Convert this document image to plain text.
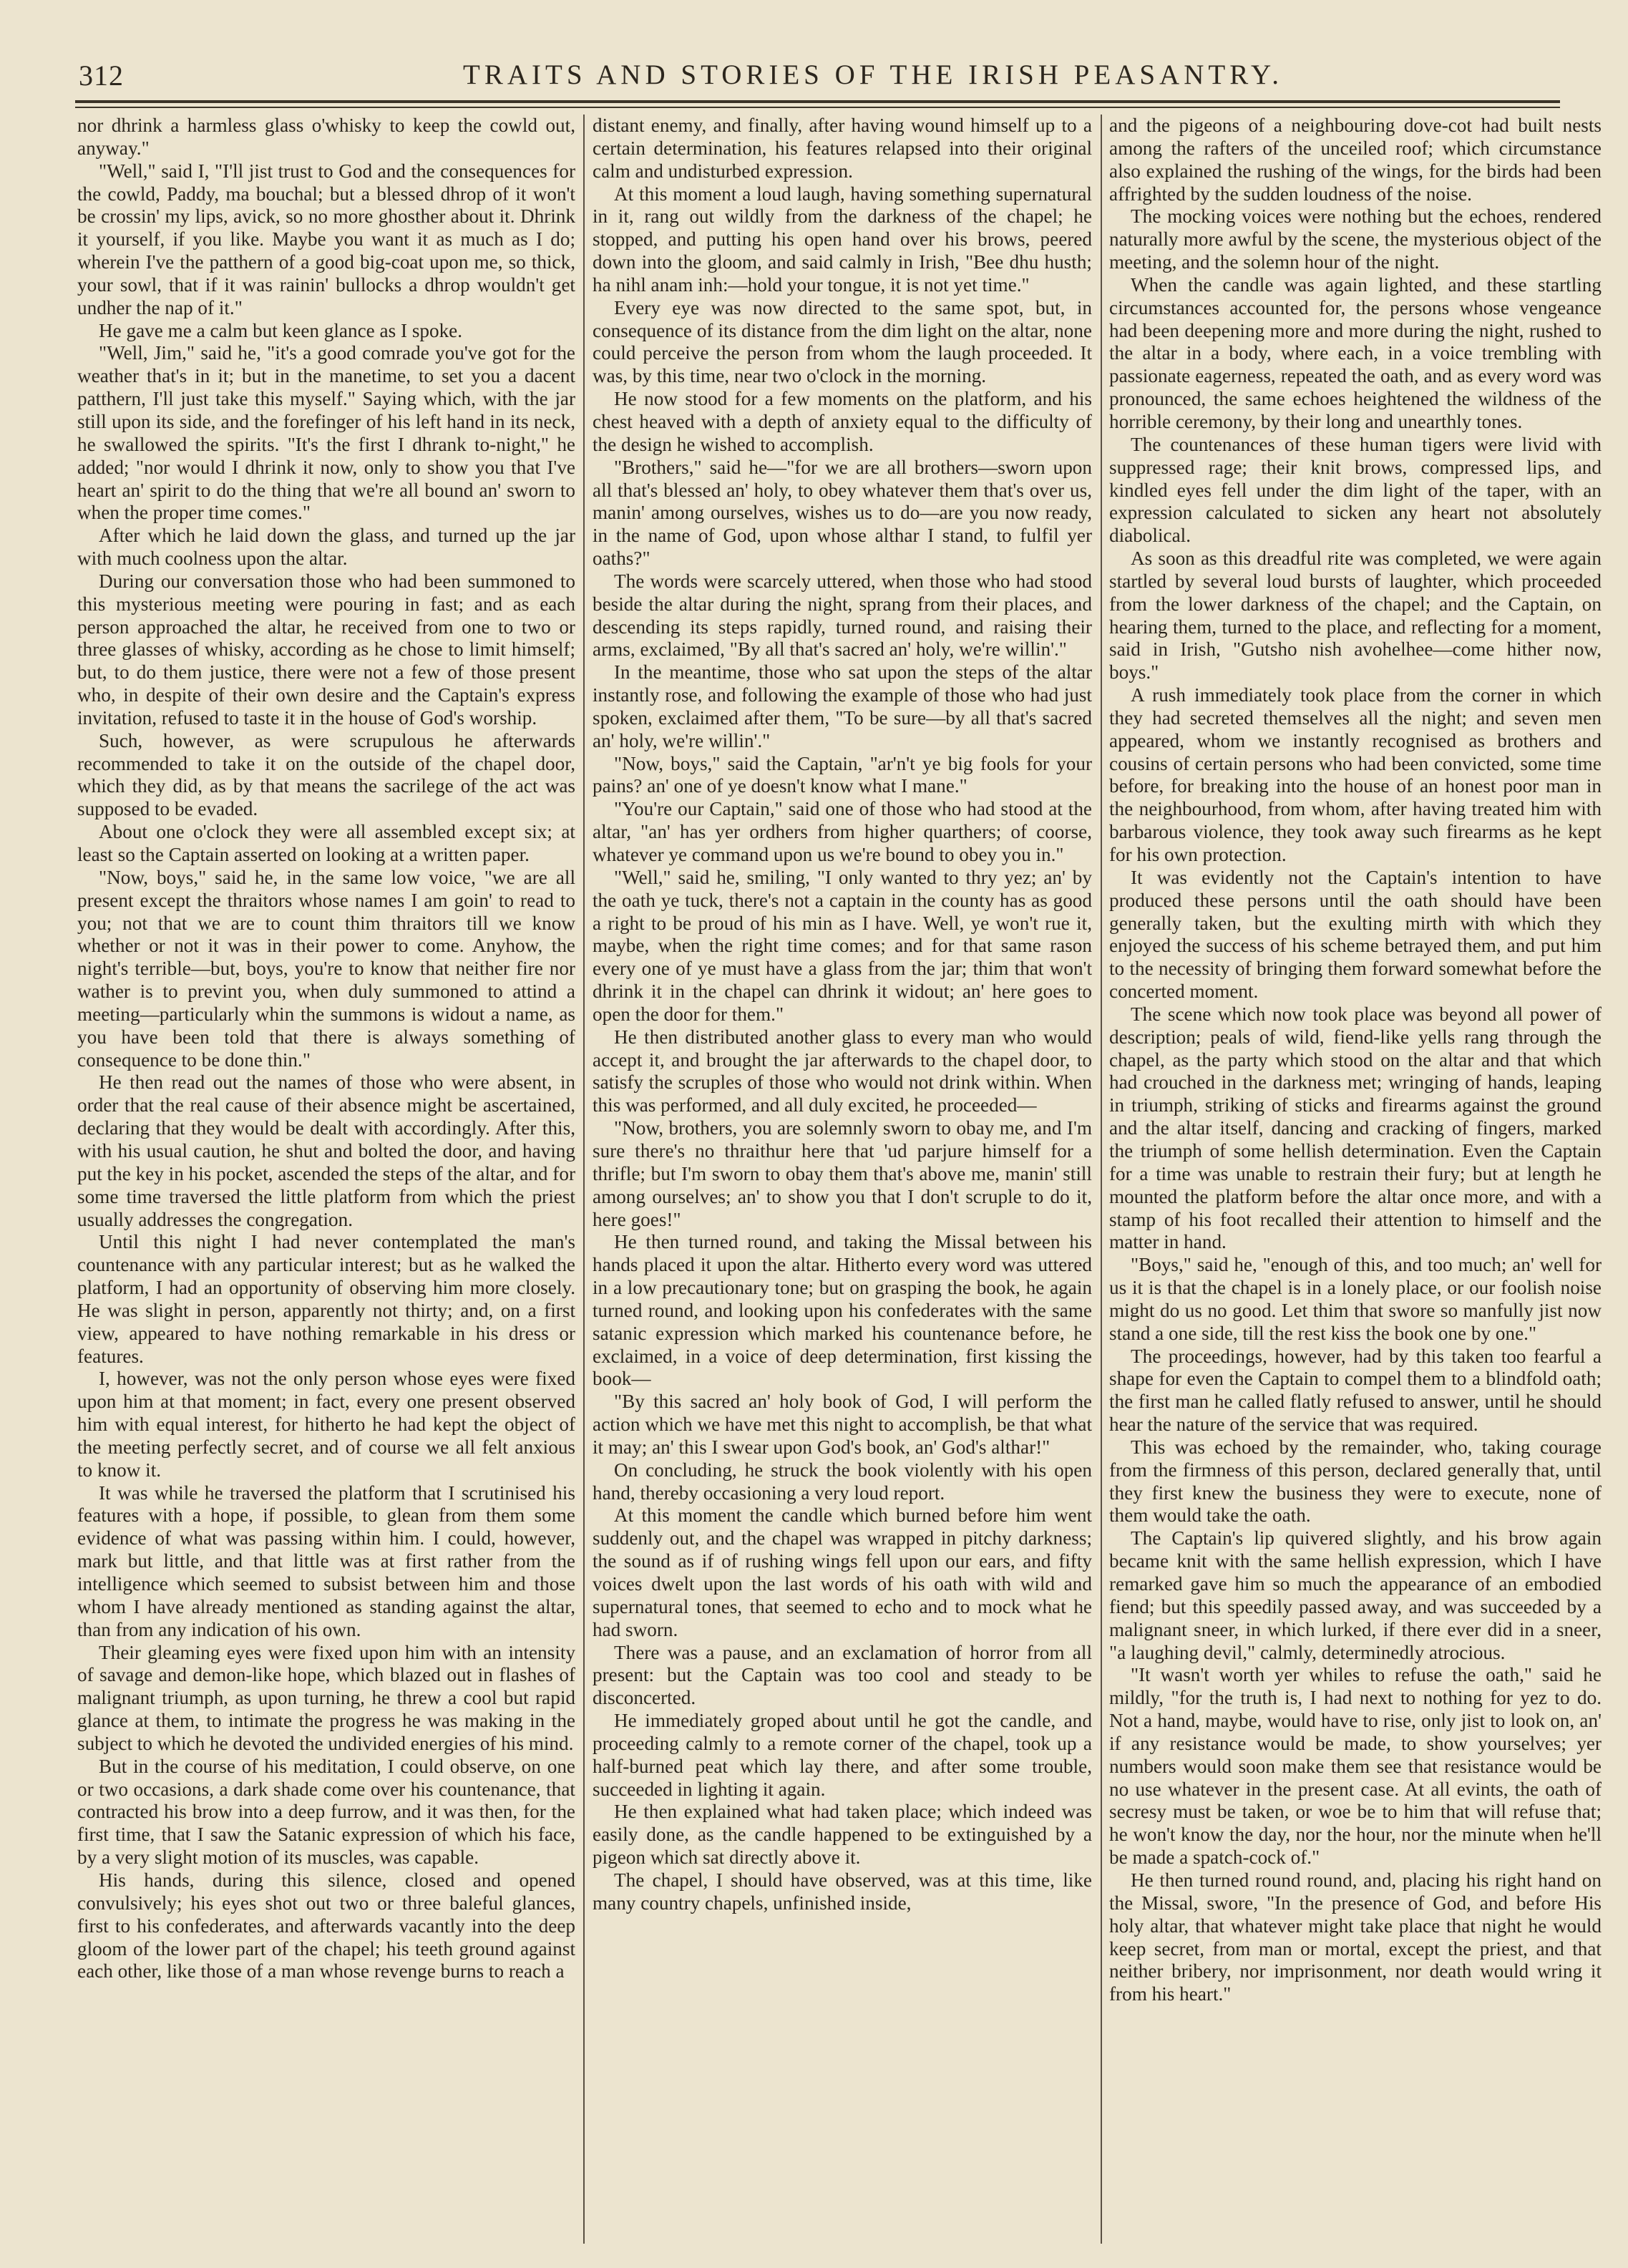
312	TRAITS AND STORIES OF THE IRISH PEASANTRY.

nor dhrink a harmless glass o'whisky to keep the cowld out, anyway."

"Well," said I, "I'll jist trust to God and the consequences for the cowld, Paddy, ma bouchal; but a blessed dhrop of it won't be crossin' my lips, avick, so no more ghosther about it. Dhrink it yourself, if you like. Maybe you want it as much as I do; wherein I've the patthern of a good big-coat upon me, so thick, your sowl, that if it was rainin' bullocks a dhrop wouldn't get undher the nap of it."

He gave me a calm but keen glance as I spoke.

"Well, Jim," said he, "it's a good comrade you've got for the weather that's in it; but in the manetime, to set you a dacent patthern, I'll just take this myself." Saying which, with the jar still upon its side, and the forefinger of his left hand in its neck, he swallowed the spirits. "It's the first I dhrank to-night," he added; "nor would I dhrink it now, only to show you that I've heart an' spirit to do the thing that we're all bound an' sworn to when the proper time comes."

After which he laid down the glass, and turned up the jar with much coolness upon the altar.

During our conversation those who had been summoned to this mysterious meeting were pouring in fast; and as each person approached the altar, he received from one to two or three glasses of whisky, according as he chose to limit himself; but, to do them justice, there were not a few of those present who, in despite of their own desire and the Captain's express invitation, refused to taste it in the house of God's worship.

Such, however, as were scrupulous he afterwards recommended to take it on the outside of the chapel door, which they did, as by that means the sacrilege of the act was supposed to be evaded.

About one o'clock they were all assembled except six; at least so the Captain asserted on looking at a written paper.

"Now, boys," said he, in the same low voice, "we are all present except the thraitors whose names I am goin' to read to you; not that we are to count thim thraitors till we know whether or not it was in their power to come. Anyhow, the night's terrible—but, boys, you're to know that neither fire nor wather is to prevint you, when duly summoned to attind a meeting—particularly whin the summons is widout a name, as you have been told that there is always something of consequence to be done thin."

He then read out the names of those who were absent, in order that the real cause of their absence might be ascertained, declaring that they would be dealt with accordingly. After this, with his usual caution, he shut and bolted the door, and having put the key in his pocket, ascended the steps of the altar, and for some time traversed the little platform from which the priest usually addresses the congregation.

Until this night I had never contemplated the man's countenance with any particular interest; but as he walked the platform, I had an opportunity of observing him more closely. He was slight in person, apparently not thirty; and, on a first view, appeared to have nothing remarkable in his dress or features.

I, however, was not the only person whose eyes were fixed upon him at that moment; in fact, every one present observed him with equal interest, for hitherto he had kept the object of the meeting perfectly secret, and of course we all felt anxious to know it.

It was while he traversed the platform that I scrutinised his features with a hope, if possible, to glean from them some evidence of what was passing within him. I could, however, mark but little, and that little was at first rather from the intelligence which seemed to subsist between him and those whom I have already mentioned as standing against the altar, than from any indication of his own.

Their gleaming eyes were fixed upon him with an intensity of savage and demon-like hope, which blazed out in flashes of malignant triumph, as upon turning, he threw a cool but rapid glance at them, to intimate the progress he was making in the subject to which he devoted the undivided energies of his mind.

But in the course of his meditation, I could observe, on one or two occasions, a dark shade come over his countenance, that contracted his brow into a deep furrow, and it was then, for the first time, that I saw the Satanic expression of which his face, by a very slight motion of its muscles, was capable.

His hands, during this silence, closed and opened convulsively; his eyes shot out two or three baleful glances, first to his confederates, and afterwards vacantly into the deep gloom of the lower part of the chapel; his teeth ground against each other, like those of a man whose revenge burns to reach a

distant enemy, and finally, after having wound himself up to a certain determination, his features relapsed into their original calm and undisturbed expression.

At this moment a loud laugh, having something supernatural in it, rang out wildly from the darkness of the chapel; he stopped, and putting his open hand over his brows, peered down into the gloom, and said calmly in Irish, "Bee dhu husth; ha nihl anam inh:—hold your tongue, it is not yet time."

Every eye was now directed to the same spot, but, in consequence of its distance from the dim light on the altar, none could perceive the person from whom the laugh proceeded. It was, by this time, near two o'clock in the morning.

He now stood for a few moments on the platform, and his chest heaved with a depth of anxiety equal to the difficulty of the design he wished to accomplish.

"Brothers," said he—"for we are all brothers—sworn upon all that's blessed an' holy, to obey whatever them that's over us, manin' among ourselves, wishes us to do—are you now ready, in the name of God, upon whose althar I stand, to fulfil yer oaths?"

The words were scarcely uttered, when those who had stood beside the altar during the night, sprang from their places, and descending its steps rapidly, turned round, and raising their arms, exclaimed, "By all that's sacred an' holy, we're willin'."

In the meantime, those who sat upon the steps of the altar instantly rose, and following the example of those who had just spoken, exclaimed after them, "To be sure—by all that's sacred an' holy, we're willin'."

"Now, boys," said the Captain, "ar'n't ye big fools for your pains? an' one of ye doesn't know what I mane."

"You're our Captain," said one of those who had stood at the altar, "an' has yer ordhers from higher quarthers; of coorse, whatever ye command upon us we're bound to obey you in."

"Well," said he, smiling, "I only wanted to thry yez; an' by the oath ye tuck, there's not a captain in the county has as good a right to be proud of his min as I have. Well, ye won't rue it, maybe, when the right time comes; and for that same rason every one of ye must have a glass from the jar; thim that won't dhrink it in the chapel can dhrink it widout; an' here goes to open the door for them."

He then distributed another glass to every man who would accept it, and brought the jar afterwards to the chapel door, to satisfy the scruples of those who would not drink within. When this was performed, and all duly excited, he proceeded—

"Now, brothers, you are solemnly sworn to obay me, and I'm sure there's no thraithur here that 'ud parjure himself for a thrifle; but I'm sworn to obay them that's above me, manin' still among ourselves; an' to show you that I don't scruple to do it, here goes!"

He then turned round, and taking the Missal between his hands placed it upon the altar. Hitherto every word was uttered in a low precautionary tone; but on grasping the book, he again turned round, and looking upon his confederates with the same satanic expression which marked his countenance before, he exclaimed, in a voice of deep determination, first kissing the book—

"By this sacred an' holy book of God, I will perform the action which we have met this night to accomplish, be that what it may; an' this I swear upon God's book, an' God's althar!"

On concluding, he struck the book violently with his open hand, thereby occasioning a very loud report.

At this moment the candle which burned before him went suddenly out, and the chapel was wrapped in pitchy darkness; the sound as if of rushing wings fell upon our ears, and fifty voices dwelt upon the last words of his oath with wild and supernatural tones, that seemed to echo and to mock what he had sworn.

There was a pause, and an exclamation of horror from all present: but the Captain was too cool and steady to be disconcerted.

He immediately groped about until he got the candle, and proceeding calmly to a remote corner of the chapel, took up a half-burned peat which lay there, and after some trouble, succeeded in lighting it again.

He then explained what had taken place; which indeed was easily done, as the candle happened to be extinguished by a pigeon which sat directly above it.

The chapel, I should have observed, was at this time, like many country chapels, unfinished inside,

and the pigeons of a neighbouring dove-cot had built nests among the rafters of the unceiled roof; which circumstance also explained the rushing of the wings, for the birds had been affrighted by the sudden loudness of the noise.

The mocking voices were nothing but the echoes, rendered naturally more awful by the scene, the mysterious object of the meeting, and the solemn hour of the night.

When the candle was again lighted, and these startling circumstances accounted for, the persons whose vengeance had been deepening more and more during the night, rushed to the altar in a body, where each, in a voice trembling with passionate eagerness, repeated the oath, and as every word was pronounced, the same echoes heightened the wildness of the horrible ceremony, by their long and unearthly tones.

The countenances of these human tigers were livid with suppressed rage; their knit brows, compressed lips, and kindled eyes fell under the dim light of the taper, with an expression calculated to sicken any heart not absolutely diabolical.

As soon as this dreadful rite was completed, we were again startled by several loud bursts of laughter, which proceeded from the lower darkness of the chapel; and the Captain, on hearing them, turned to the place, and reflecting for a moment, said in Irish, "Gutsho nish avohelhee—come hither now, boys."

A rush immediately took place from the corner in which they had secreted themselves all the night; and seven men appeared, whom we instantly recognised as brothers and cousins of certain persons who had been convicted, some time before, for breaking into the house of an honest poor man in the neighbourhood, from whom, after having treated him with barbarous violence, they took away such firearms as he kept for his own protection.

It was evidently not the Captain's intention to have produced these persons until the oath should have been generally taken, but the exulting mirth with which they enjoyed the success of his scheme betrayed them, and put him to the necessity of bringing them forward somewhat before the concerted moment.

The scene which now took place was beyond all power of description; peals of wild, fiend-like yells rang through the chapel, as the party which stood on the altar and that which had crouched in the darkness met; wringing of hands, leaping in triumph, striking of sticks and firearms against the ground and the altar itself, dancing and cracking of fingers, marked the triumph of some hellish determination. Even the Captain for a time was unable to restrain their fury; but at length he mounted the platform before the altar once more, and with a stamp of his foot recalled their attention to himself and the matter in hand.

"Boys," said he, "enough of this, and too much; an' well for us it is that the chapel is in a lonely place, or our foolish noise might do us no good. Let thim that swore so manfully jist now stand a one side, till the rest kiss the book one by one."

The proceedings, however, had by this taken too fearful a shape for even the Captain to compel them to a blindfold oath; the first man he called flatly refused to answer, until he should hear the nature of the service that was required.

This was echoed by the remainder, who, taking courage from the firmness of this person, declared generally that, until they first knew the business they were to execute, none of them would take the oath.

The Captain's lip quivered slightly, and his brow again became knit with the same hellish expression, which I have remarked gave him so much the appearance of an embodied fiend; but this speedily passed away, and was succeeded by a malignant sneer, in which lurked, if there ever did in a sneer, "a laughing devil," calmly, determinedly atrocious.

"It wasn't worth yer whiles to refuse the oath," said he mildly, "for the truth is, I had next to nothing for yez to do. Not a hand, maybe, would have to rise, only jist to look on, an' if any resistance would be made, to show yourselves; yer numbers would soon make them see that resistance would be no use whatever in the present case. At all evints, the oath of secresy must be taken, or woe be to him that will refuse that; he won't know the day, nor the hour, nor the minute when he'll be made a spatch-cock of."

He then turned round round, and, placing his right hand on the Missal, swore, "In the presence of God, and before His holy altar, that whatever might take place that night he would keep secret, from man or mortal, except the priest, and that neither bribery, nor imprisonment, nor death would wring it from his heart."
